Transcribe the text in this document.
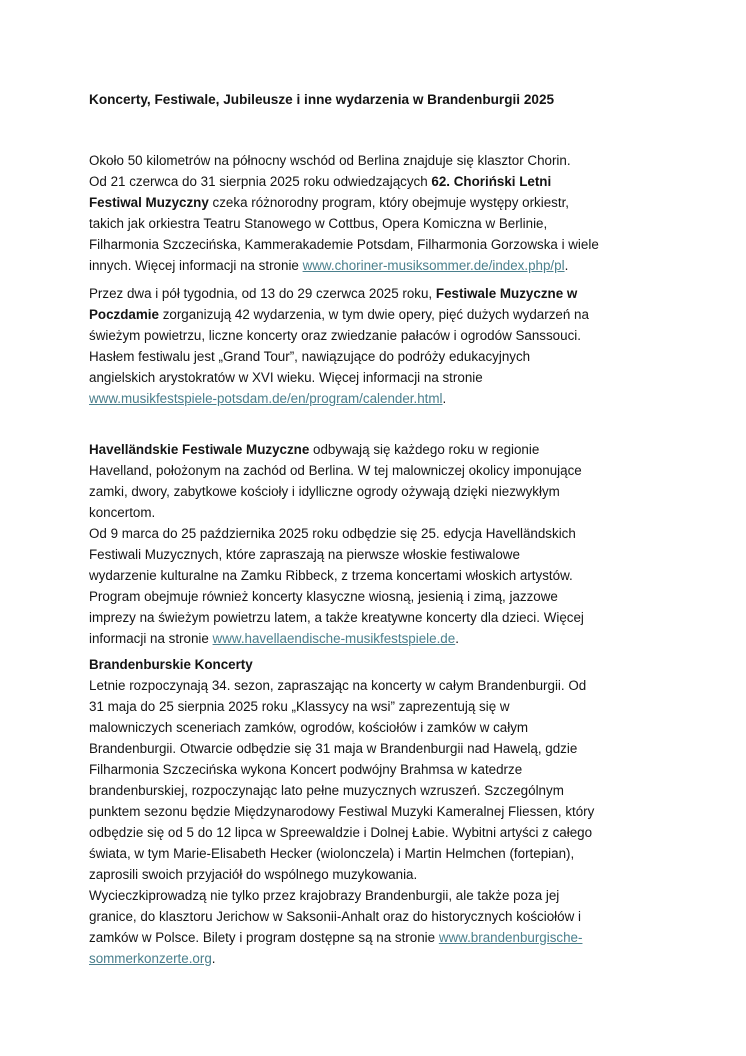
Koncerty, Festiwale, Jubileusze i inne wydarzenia w Brandenburgii 2025
Około 50 kilometrów na północny wschód od Berlina znajduje się klasztor Chorin.
Od 21 czerwca do 31 sierpnia 2025 roku odwiedzających 62. Choriński Letni
Festiwal Muzyczny czeka różnorodny program, który obejmuje występy orkiestr,
takich jak orkiestra Teatru Stanowego w Cottbus, Opera Komiczna w Berlinie,
Filharmonia Szczecińska, Kammerakademie Potsdam, Filharmonia Gorzowska i wiele
innych. Więcej informacji na stronie www.choriner-musiksommer.de/index.php/pl.
Przez dwa i pół tygodnia, od 13 do 29 czerwca 2025 roku, Festiwale Muzyczne w
Poczdamie zorganizują 42 wydarzenia, w tym dwie opery, pięć dużych wydarzeń na
świeżym powietrzu, liczne koncerty oraz zwiedzanie pałaców i ogrodów Sanssouci.
Hasłem festiwalu jest „Grand Tour”, nawiązujące do podróży edukacyjnych
angielskich arystokratów w XVI wieku. Więcej informacji na stronie
www.musikfestspiele-potsdam.de/en/program/calender.html.
Havelländskie Festiwale Muzyczne odbywają się każdego roku w regionie
Havelland, położonym na zachód od Berlina. W tej malowniczej okolicy imponujące
zamki, dwory, zabytkowe kościoły i idylliczne ogrody ożywają dzięki niezwykłym
koncertom.
Od 9 marca do 25 października 2025 roku odbędzie się 25. edycja Havelländskich
Festiwali Muzycznych, które zapraszają na pierwsze włoskie festiwalowe
wydarzenie kulturalne na Zamku Ribbeck, z trzema koncertami włoskich artystów.
Program obejmuje również koncerty klasyczne wiosną, jesienią i zimą, jazzowe
imprezy na świeżym powietrzu latem, a także kreatywne koncerty dla dzieci. Więcej
informacji na stronie www.havellaendische-musikfestspiele.de.
Brandenburskie Koncerty
Letnie rozpoczynają 34. sezon, zapraszając na koncerty w całym Brandenburgii. Od
31 maja do 25 sierpnia 2025 roku „Klassycy na wsi” zaprezentują się w
malowniczych sceneriach zamków, ogrodów, kościołów i zamków w całym
Brandenburgii. Otwarcie odbędzie się 31 maja w Brandenburgii nad Hawelą, gdzie
Filharmonia Szczecińska wykona Koncert podwójny Brahmsa w katedrze
brandenburskiej, rozpoczynając lato pełne muzycznych wzruszeń. Szczególnym
punktem sezonu będzie Międzynarodowy Festiwal Muzyki Kameralnej Fliessen, który
odbędzie się od 5 do 12 lipca w Spreewaldzie i Dolnej Łabie. Wybitni artyści z całego
świata, w tym Marie-Elisabeth Hecker (wiolonczela) i Martin Helmchen (fortepian),
zaprosili swoich przyjaciół do wspólnego muzykowania.
Wycieczkiprowadzą nie tylko przez krajobrazy Brandenburgii, ale także poza jej
granice, do klasztoru Jerichow w Saksonii-Anhalt oraz do historycznych kościołów i
zamków w Polsce. Bilety i program dostępne są na stronie www.brandenburgische-
sommerkonzerte.org.
